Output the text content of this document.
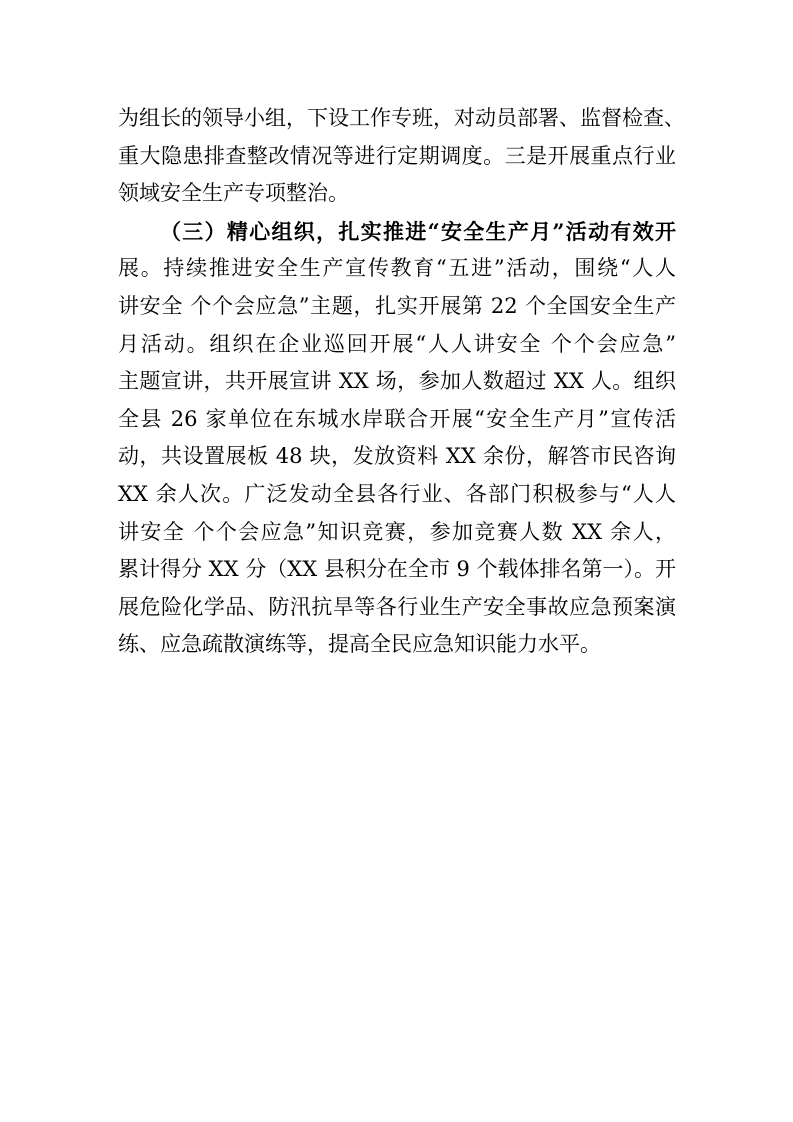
为组长的领导小组，下设工作专班，对动员部署、监督检查、
重大隐患排查整改情况等进行定期调度。三是开展重点行业
领域安全生产专项整治。
（三）精心组织，扎实推进“安全生产月”活动有效开
展。持续推进安全生产宣传教育“五进”活动，围绕“人人
讲安全 个个会应急”主题，扎实开展第 22 个全国安全生产
月活动。组织在企业巡回开展“人人讲安全 个个会应急”
主题宣讲，共开展宣讲 XX 场，参加人数超过 XX 人。组织
全县 26 家单位在东城水岸联合开展“安全生产月”宣传活
动，共设置展板 48 块，发放资料 XX 余份，解答市民咨询
XX 余人次。广泛发动全县各行业、各部门积极参与“人人
讲安全 个个会应急”知识竞赛，参加竞赛人数 XX 余人，
累计得分 XX 分（XX 县积分在全市 9 个载体排名第一）。开
展危险化学品、防汛抗旱等各行业生产安全事故应急预案演
练、应急疏散演练等，提高全民应急知识能力水平。
